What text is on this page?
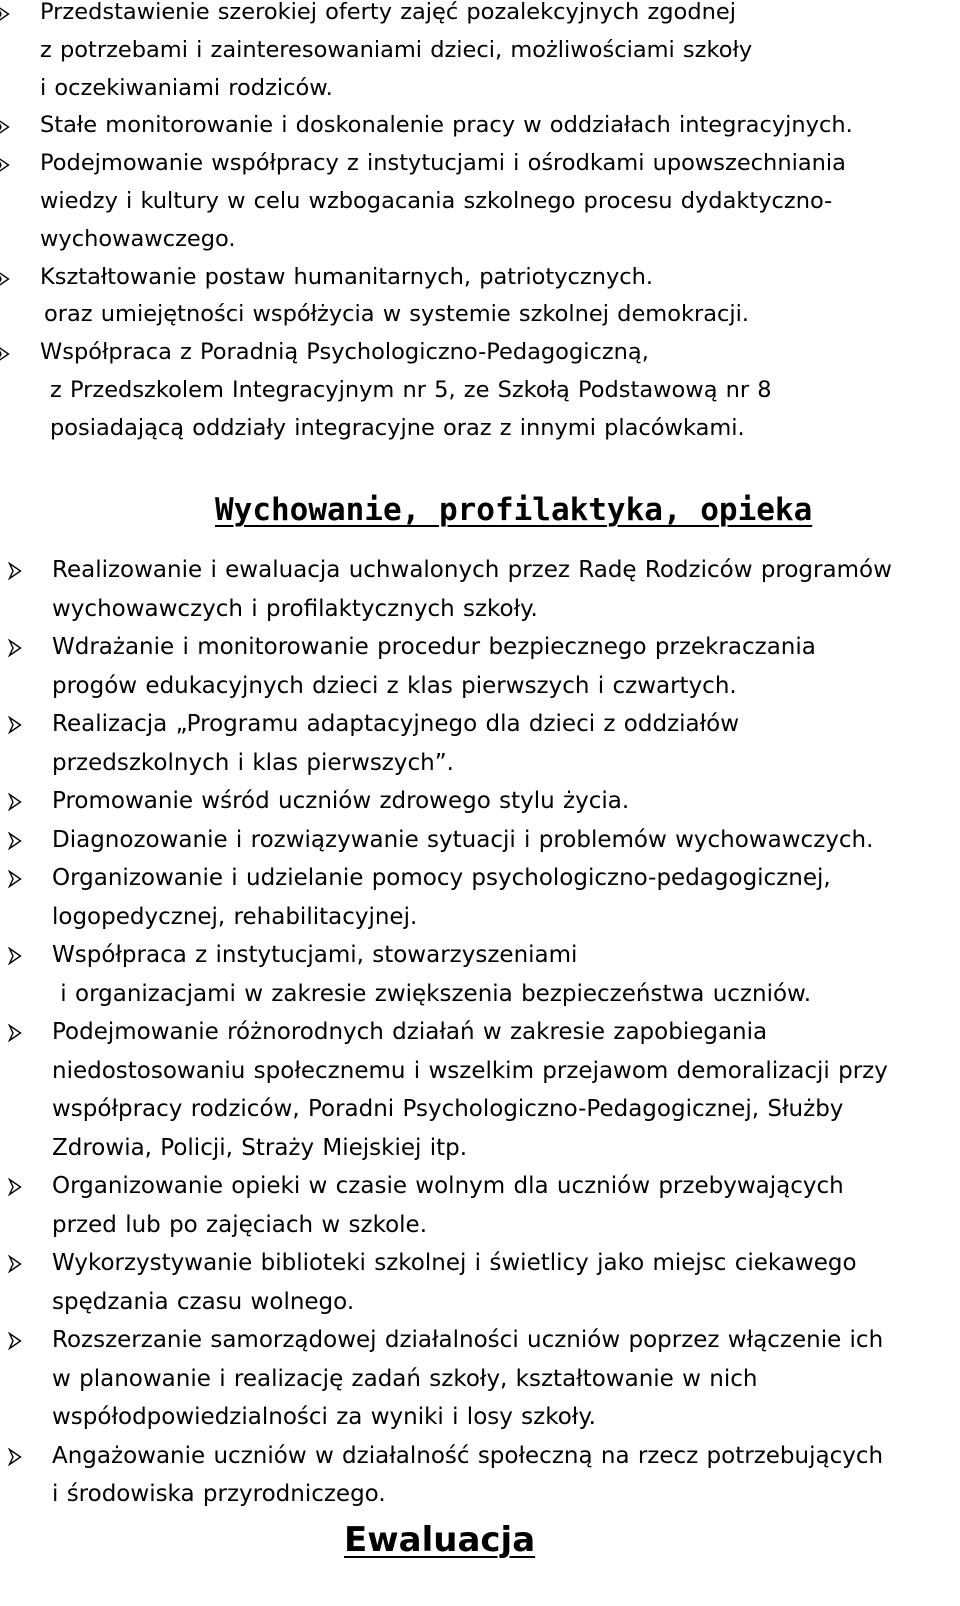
Przedstawienie szerokiej oferty zajęć pozalekcyjnych zgodnej
z potrzebami i zainteresowaniami dzieci, możliwościami szkoły
i oczekiwaniami rodziców.
Stałe monitorowanie i doskonalenie pracy w oddziałach integracyjnych.
Podejmowanie współpracy z instytucjami i ośrodkami upowszechniania
wiedzy i kultury w celu wzbogacania szkolnego procesu dydaktyczno-
wychowawczego.
Kształtowanie postaw humanitarnych, patriotycznych.
oraz umiejętności współżycia w systemie szkolnej demokracji.
Współpraca z Poradnią Psychologiczno-Pedagogiczną,
z Przedszkolem Integracyjnym nr 5, ze Szkołą Podstawową nr 8
posiadającą oddziały integracyjne oraz z innymi placówkami.
Wychowanie, profilaktyka, opieka
Realizowanie i ewaluacja uchwalonych przez Radę Rodziców programów
wychowawczych i profilaktycznych szkoły.
Wdrażanie i monitorowanie procedur bezpiecznego przekraczania
progów edukacyjnych dzieci z klas pierwszych i czwartych.
Realizacja „Programu adaptacyjnego dla dzieci z oddziałów
przedszkolnych i klas pierwszych”.
Promowanie wśród uczniów zdrowego stylu życia.
Diagnozowanie i rozwiązywanie sytuacji i problemów wychowawczych.
Organizowanie i udzielanie pomocy psychologiczno-pedagogicznej,
logopedycznej, rehabilitacyjnej.
Współpraca z instytucjami, stowarzyszeniami
i organizacjami w zakresie zwiększenia bezpieczeństwa uczniów.
Podejmowanie różnorodnych działań w zakresie zapobiegania
niedostosowaniu społecznemu i wszelkim przejawom demoralizacji przy
współpracy rodziców, Poradni Psychologiczno-Pedagogicznej, Służby
Zdrowia, Policji, Straży Miejskiej itp.
Organizowanie opieki w czasie wolnym dla uczniów przebywających
przed lub po zajęciach w szkole.
Wykorzystywanie biblioteki szkolnej i świetlicy jako miejsc ciekawego
spędzania czasu wolnego.
Rozszerzanie samorządowej działalności uczniów poprzez włączenie ich
w planowanie i realizację zadań szkoły, kształtowanie w nich
współodpowiedzialności za wyniki i losy szkoły.
Angażowanie uczniów w działalność społeczną na rzecz potrzebujących
i środowiska przyrodniczego.
Ewaluacja
